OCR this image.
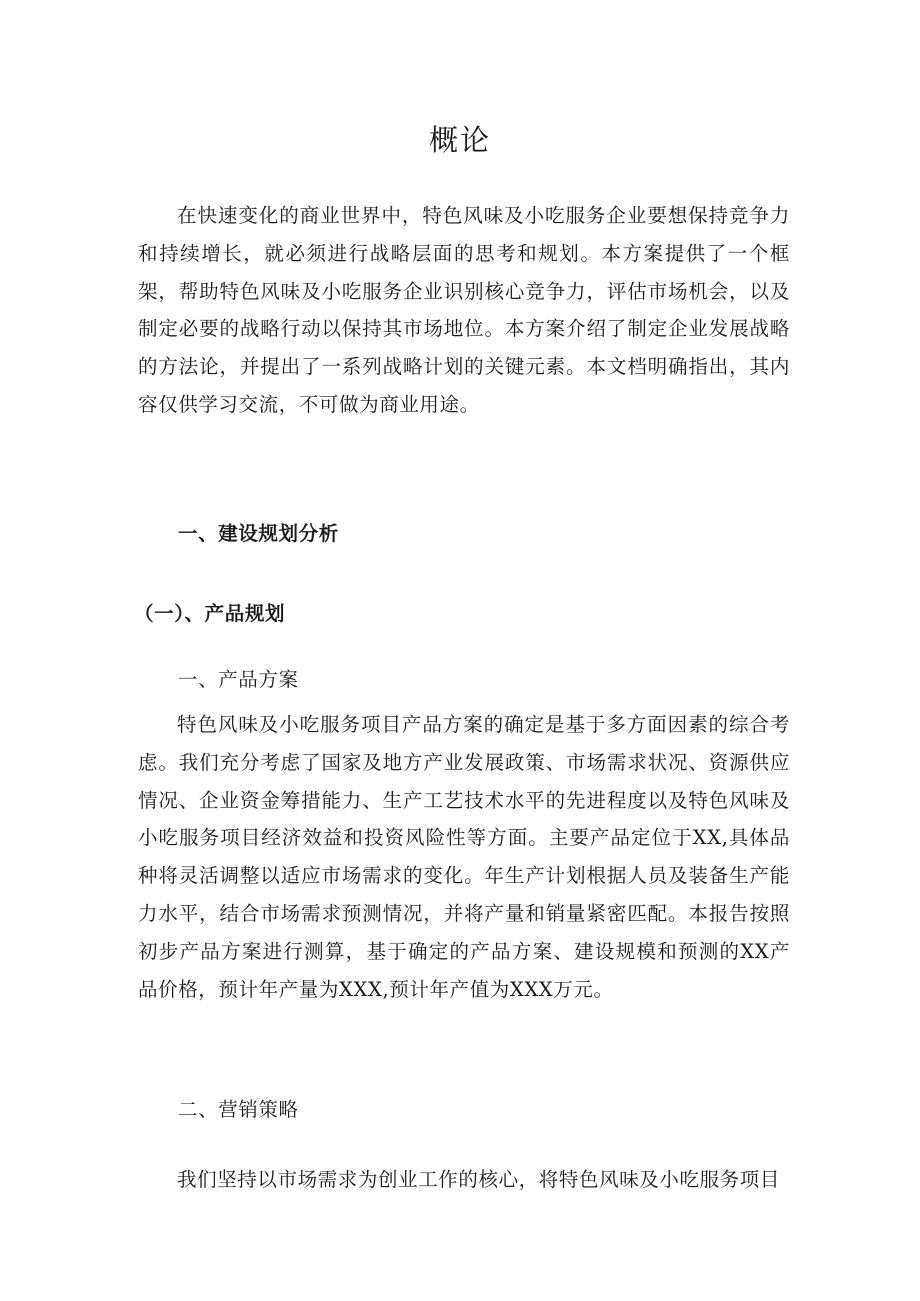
概论

在快速变化的商业世界中，特色风味及小吃服务企业要想保持竞争力和持续增长，就必须进行战略层面的思考和规划。本方案提供了一个框架，帮助特色风味及小吃服务企业识别核心竞争力，评估市场机会，以及制定必要的战略行动以保持其市场地位。本方案介绍了制定企业发展战略的方法论，并提出了一系列战略计划的关键元素。本文档明确指出，其内容仅供学习交流，不可做为商业用途。

一、建设规划分析
（一）、产品规划
一、产品方案

特色风味及小吃服务项目产品方案的确定是基于多方面因素的综合考虑。我们充分考虑了国家及地方产业发展政策、市场需求状况、资源供应情况、企业资金筹措能力、生产工艺技术水平的先进程度以及特色风味及小吃服务项目经济效益和投资风险性等方面。主要产品定位于XX,具体品种将灵活调整以适应市场需求的变化。年生产计划根据人员及装备生产能力水平，结合市场需求预测情况，并将产量和销量紧密匹配。本报告按照初步产品方案进行测算，基于确定的产品方案、建设规模和预测的XX产品价格，预计年产量为XXX,预计年产值为XXX万元。

二、营销策略

我们坚持以市场需求为创业工作的核心，将特色风味及小吃服务项目
